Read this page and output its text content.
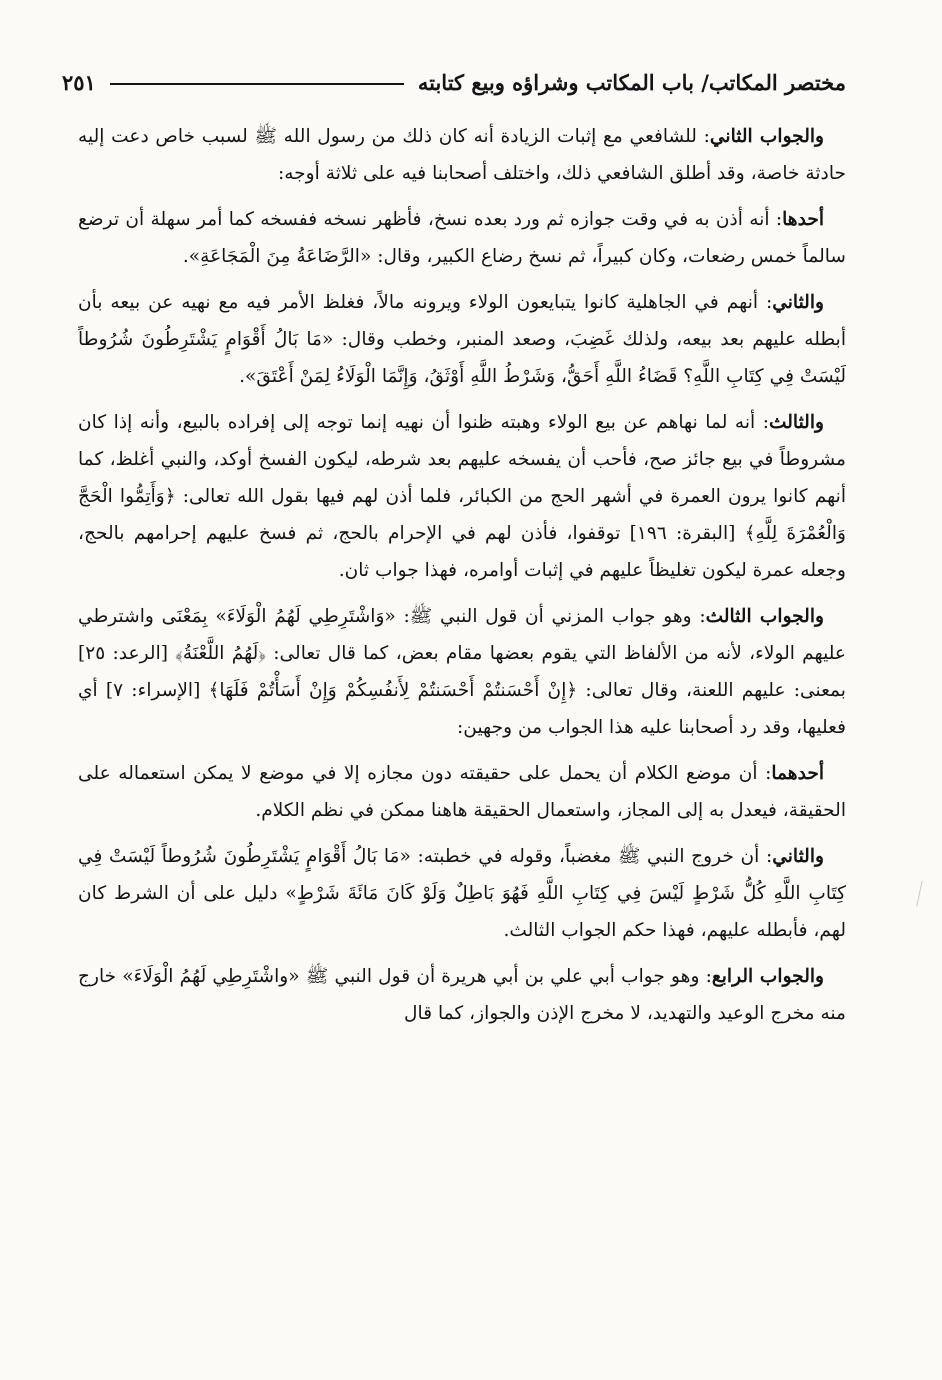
مختصر المكاتب/ باب المكاتب وشراؤه وبيع كتابته
٢٥١

والجواب الثاني: للشافعي مع إثبات الزيادة أنه كان ذلك من رسول الله ﷺ لسبب خاص دعت إليه حادثة خاصة، وقد أطلق الشافعي ذلك، واختلف أصحابنا فيه على ثلاثة أوجه:

أحدها: أنه أذن به في وقت جوازه ثم ورد بعده نسخ، فأظهر نسخه ففسخه كما أمر سهلة أن ترضع سالماً خمس رضعات، وكان كبيراً، ثم نسخ رضاع الكبير، وقال: «الرَّضَاعَةُ مِنَ الْمَجَاعَةِ».

والثاني: أنهم في الجاهلية كانوا يتبايعون الولاء ويرونه مالاً، فغلظ الأمر فيه مع نهيه عن بيعه بأن أبطله عليهم بعد بيعه، ولذلك غَضِبَ، وصعد المنبر، وخطب وقال: «مَا بَالُ أَقْوَامٍ يَشْتَرِطُونَ شُرُوطاً لَيْسَتْ فِي كِتَابِ اللَّهِ؟ قَضَاءُ اللَّهِ أَحَقُّ، وَشَرْطُ اللَّهِ أَوْثَقُ، وَإِنَّمَا الْوَلَاءُ لِمَنْ أَعْتَقَ».

والثالث: أنه لما نهاهم عن بيع الولاء وهبته ظنوا أن نهيه إنما توجه إلى إفراده بالبيع، وأنه إذا كان مشروطاً في بيع جائز صح، فأحب أن يفسخه عليهم بعد شرطه، ليكون الفسخ أوكد، والنبي أغلظ، كما أنهم كانوا يرون العمرة في أشهر الحج من الكبائر، فلما أذن لهم فيها بقول الله تعالى: ﴿وَأَتِمُّوا الْحَجَّ وَالْعُمْرَةَ لِلَّهِ﴾ [البقرة: ١٩٦] توقفوا، فأذن لهم في الإحرام بالحج، ثم فسخ عليهم إحرامهم بالحج، وجعله عمرة ليكون تغليظاً عليهم في إثبات أوامره، فهذا جواب ثان.

والجواب الثالث: وهو جواب المزني أن قول النبي ﷺ: «وَاشْتَرِطِي لَهُمُ الْوَلَاءَ» بِمَعْنَى واشترطي عليهم الولاء، لأنه من الألفاظ التي يقوم بعضها مقام بعض، كما قال تعالى: ﴿لَهُمُ اللَّعْنَةُ﴾ [الرعد: ٢٥] بمعنى: عليهم اللعنة، وقال تعالى: ﴿إِنْ أَحْسَنتُمْ أَحْسَنتُمْ لِأَنفُسِكُمْ وَإِنْ أَسَأْتُمْ فَلَهَا﴾ [الإسراء: ٧] أي فعليها، وقد رد أصحابنا عليه هذا الجواب من وجهين:

أحدهما: أن موضع الكلام أن يحمل على حقيقته دون مجازه إلا في موضع لا يمكن استعماله على الحقيقة، فيعدل به إلى المجاز، واستعمال الحقيقة هاهنا ممكن في نظم الكلام.

والثاني: أن خروج النبي ﷺ مغضباً، وقوله في خطبته: «مَا بَالُ أَقْوَامٍ يَشْتَرِطُونَ شُرُوطاً لَيْسَتْ فِي كِتَابِ اللَّهِ كُلُّ شَرْطٍ لَيْسَ فِي كِتَابِ اللَّهِ فَهُوَ بَاطِلٌ وَلَوْ كَانَ مَائَةَ شَرْطٍ» دليل على أن الشرط كان لهم، فأبطله عليهم، فهذا حكم الجواب الثالث.

والجواب الرابع: وهو جواب أبي علي بن أبي هريرة أن قول النبي ﷺ «واشْتَرِطِي لَهُمُ الْوَلَاءَ» خارج منه مخرج الوعيد والتهديد، لا مخرج الإذن والجواز، كما قال
